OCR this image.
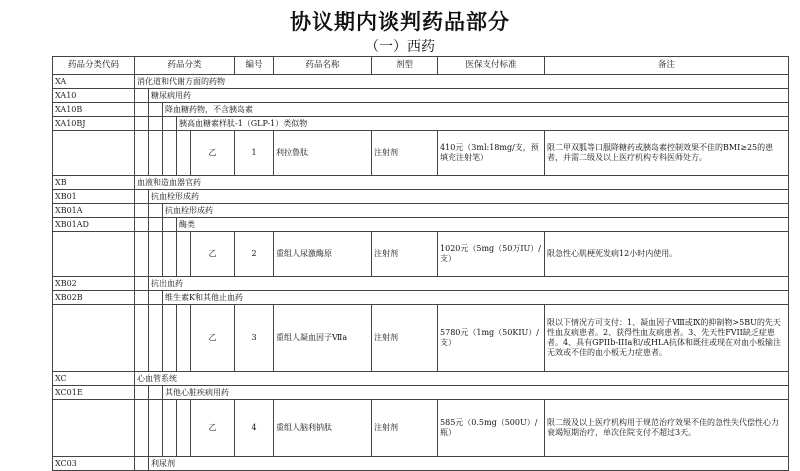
协议期内谈判药品部分
（一）西药
药品分类代码	药品分类					编号	药品名称	剂型	医保支付标准	备注
XA	消化道和代谢方面的药物									
XA10		糖尿病用药								
XA10B			降血糖药物，不含胰岛素							
XA10BJ				胰高血糖素样肽-1（GLP-1）类似物						
					乙	1	利拉鲁肽	注射剂	410元（3ml:18mg/支，预填充注射笔）	限二甲双胍等口服降糖药或胰岛素控制效果不佳的BMI≥25的患者，并需二级及以上医疗机构专科医师处方。
XB	血液和造血器官药									
XB01		抗血栓形成药								
XB01A			抗血栓形成药							
XB01AD				酶类						
					乙	2	重组人尿激酶原	注射剂	1020元（5mg（50万IU）/支）	限急性心肌梗死发病12小时内使用。
XB02		抗出血药								
XB02B			维生素K和其他止血药							
					乙	3	重组人凝血因子Ⅶa	注射剂	5780元（1mg（50KIU）/支）	限以下情况方可支付：1、凝血因子Ⅷ或Ⅸ的抑制物>5BU的先天性血友病患者。2、获得性血友病患者。3、先天性FVII缺乏症患者。4、具有GPIIb-IIIa和/或HLA抗体和既往或现在对血小板输注无效或不佳的血小板无力症患者。
XC	心血管系统									
XC01E			其他心脏疾病用药							
					乙	4	重组人脑利钠肽	注射剂	585元（0.5mg（500U）/瓶）	限二级及以上医疗机构用于规范治疗效果不佳的急性失代偿性心力衰竭短期治疗，单次住院支付不超过3天。
XC03		利尿剂								
